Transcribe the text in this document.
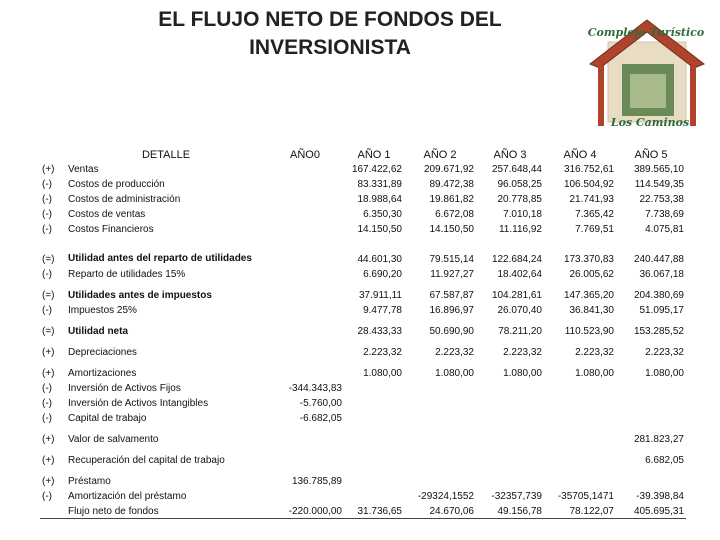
EL FLUJO NETO DE FONDOS DEL
INVERSIONISTA
Complejo Turístico
Los Caminos
	DETALLE	AÑO0	AÑO 1	AÑO 2	AÑO 3	AÑO 4	AÑO 5
(+)	Ventas		167.422,62	209.671,92	257.648,44	316.752,61	389.565,10
(-)	Costos de producción		83.331,89	89.472,38	96.058,25	106.504,92	114.549,35
(-)	Costos de administración		18.988,64	19.861,82	20.778,85	21.741,93	22.753,38
(-)	Costos de ventas		6.350,30	6.672,08	7.010,18	7.365,42	7.738,69
(-)	Costos Financieros		14.150,50	14.150,50	11.116,92	7.769,51	4.075,81
(=)	Utilidad antes del reparto de utilidades		44.601,30	79.515,14	122.684,24	173.370,83	240.447,88
(-)	Reparto de utilidades 15%		6.690,20	11.927,27	18.402,64	26.005,62	36.067,18

(=)	Utilidades antes de impuestos		37.911,11	67.587,87	104.281,61	147.365,20	204.380,69
(-)	Impuestos 25%		9.477,78	16.896,97	26.070,40	36.841,30	51.095,17

(=)	Utilidad neta		28.433,33	50.690,90	78.211,20	110.523,90	153.285,52

(+)	Depreciaciones		2.223,32	2.223,32	2.223,32	2.223,32	2.223,32

(+)	Amortizaciones		1.080,00	1.080,00	1.080,00	1.080,00	1.080,00
(-)	Inversión de Activos Fijos	-344.343,83					
(-)	Inversión de Activos Intangibles	-5.760,00					
(-)	Capital de trabajo	-6.682,05					

(+)	Valor de salvamento						281.823,27

(+)	Recuperación del capital de trabajo						6.682,05

(+)	Préstamo	136.785,89					
(-)	Amortización del préstamo			-29324,1552	-32357,739	-35705,1471	-39.398,84
	Flujo neto de fondos	-220.000,00	31.736,65	24.670,06	49.156,78	78.122,07	405.695,31
